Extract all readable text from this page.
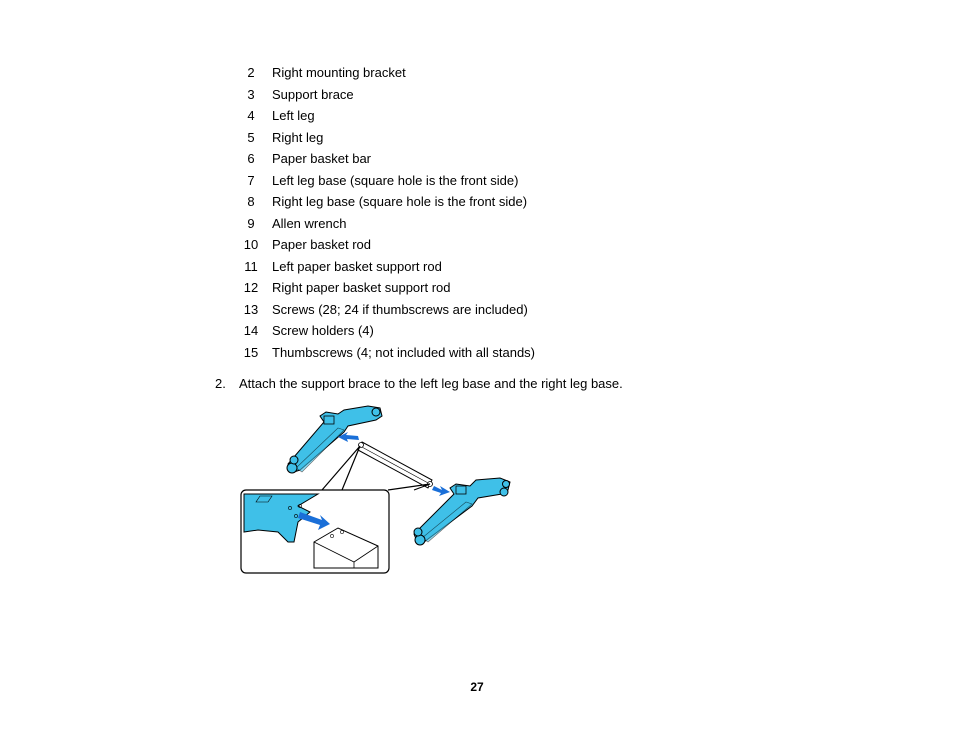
2 Right mounting bracket
3 Support brace
4 Left leg
5 Right leg
6 Paper basket bar
7 Left leg base (square hole is the front side)
8 Right leg base (square hole is the front side)
9 Allen wrench
10 Paper basket rod
11 Left paper basket support rod
12 Right paper basket support rod
13 Screws (28; 24 if thumbscrews are included)
14 Screw holders (4)
15 Thumbscrews (4; not included with all stands)
2. Attach the support brace to the left leg base and the right leg base.
27
